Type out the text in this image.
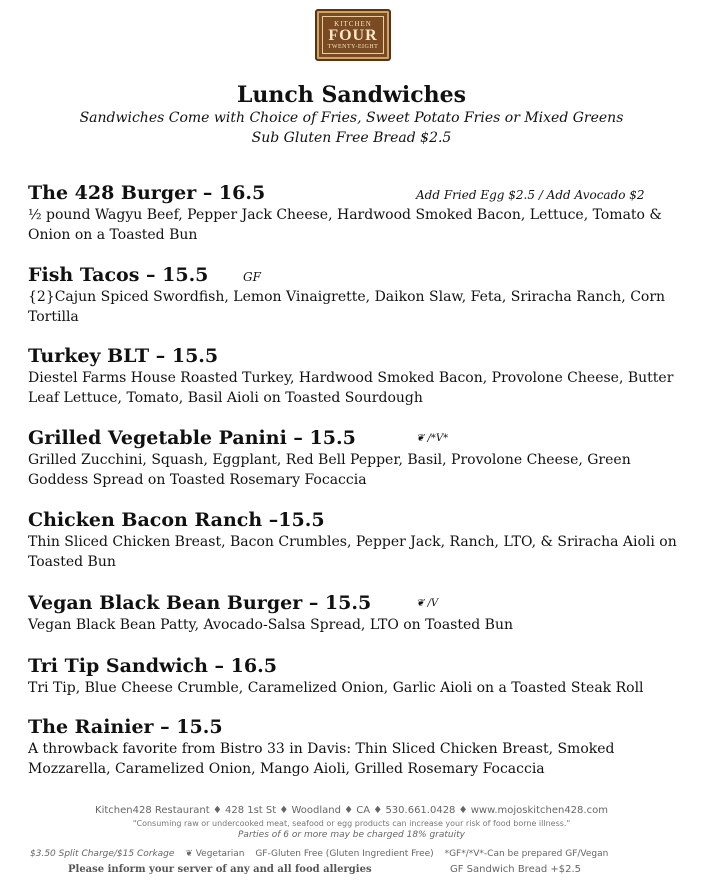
KITCHEN
FOUR
TWENTY-EIGHT
Lunch Sandwiches
Sandwiches Come with Choice of Fries, Sweet Potato Fries or Mixed Greens
Sub Gluten Free Bread $2.5
The 428 Burger – 16.5	Add Fried Egg $2.5 / Add Avocado $2
½ pound Wagyu Beef, Pepper Jack Cheese, Hardwood Smoked Bacon, Lettuce, Tomato & Onion on a Toasted Bun
Fish Tacos – 15.5	GF
{2}Cajun Spiced Swordfish, Lemon Vinaigrette, Daikon Slaw, Feta, Sriracha Ranch, Corn Tortilla
Turkey BLT – 15.5
Diestel Farms House Roasted Turkey, Hardwood Smoked Bacon, Provolone Cheese, Butter Leaf Lettuce, Tomato, Basil Aioli on Toasted Sourdough
Grilled Vegetable Panini – 15.5	❦ /*V*
Grilled Zucchini, Squash, Eggplant, Red Bell Pepper, Basil, Provolone Cheese, Green Goddess Spread on Toasted Rosemary Focaccia
Chicken Bacon Ranch –15.5
Thin Sliced Chicken Breast, Bacon Crumbles, Pepper Jack, Ranch, LTO, & Sriracha Aioli on Toasted Bun
Vegan Black Bean Burger – 15.5	❦ /V
Vegan Black Bean Patty, Avocado-Salsa Spread, LTO on Toasted Bun
Tri Tip Sandwich – 16.5
Tri Tip, Blue Cheese Crumble, Caramelized Onion, Garlic Aioli on a Toasted Steak Roll
The Rainier – 15.5
A throwback favorite from Bistro 33 in Davis: Thin Sliced Chicken Breast, Smoked Mozzarella, Caramelized Onion, Mango Aioli, Grilled Rosemary Focaccia
Kitchen428 Restaurant ♦ 428 1st St ♦ Woodland ♦ CA ♦ 530.661.0428 ♦ www.mojoskitchen428.com
"Consuming raw or undercooked meat, seafood or egg products can increase your risk of food borne illness."
Parties of 6 or more may be charged 18% gratuity
$3.50 Split Charge/$15 Corkage ❦ Vegetarian GF-Gluten Free (Gluten Ingredient Free) *GF*/*V*-Can be prepared GF/Vegan
Please inform your server of any and all food allergies	GF Sandwich Bread +$2.5
